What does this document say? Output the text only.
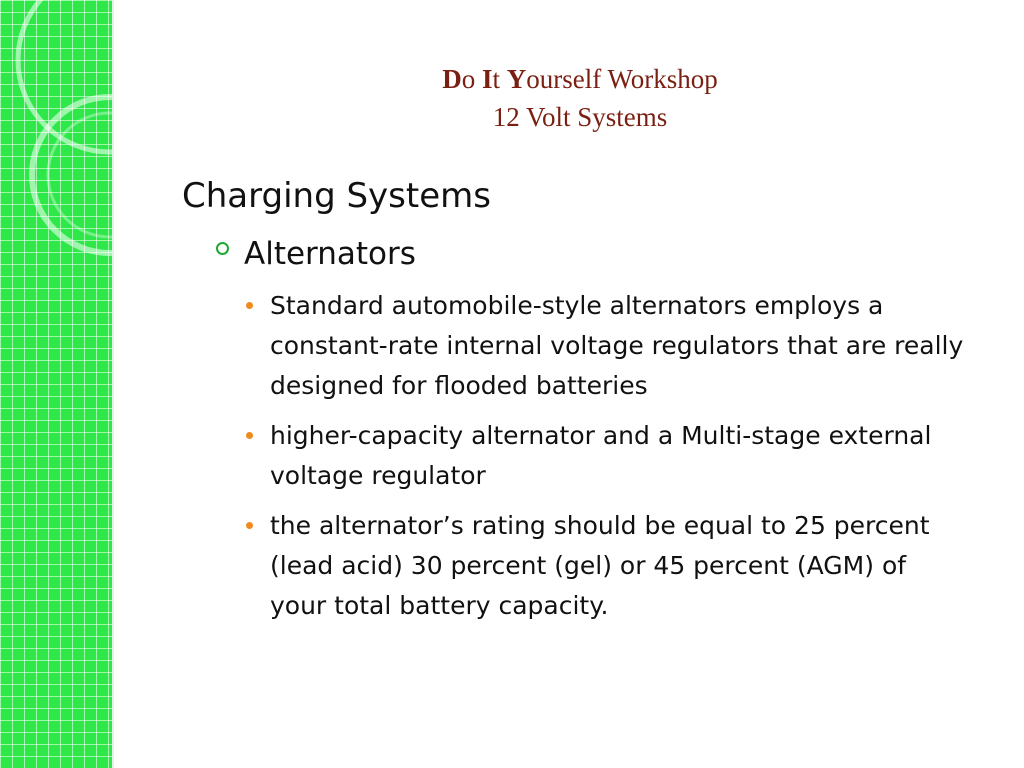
Do It Yourself Workshop
12 Volt Systems
Charging Systems
Alternators
Standard automobile-style alternators employs a constant-rate internal voltage regulators that are really designed for flooded batteries
higher-capacity alternator and a Multi-stage external voltage regulator
the alternator’s rating should be equal to 25 percent (lead acid) 30 percent (gel) or 45 percent (AGM) of your total battery capacity.
